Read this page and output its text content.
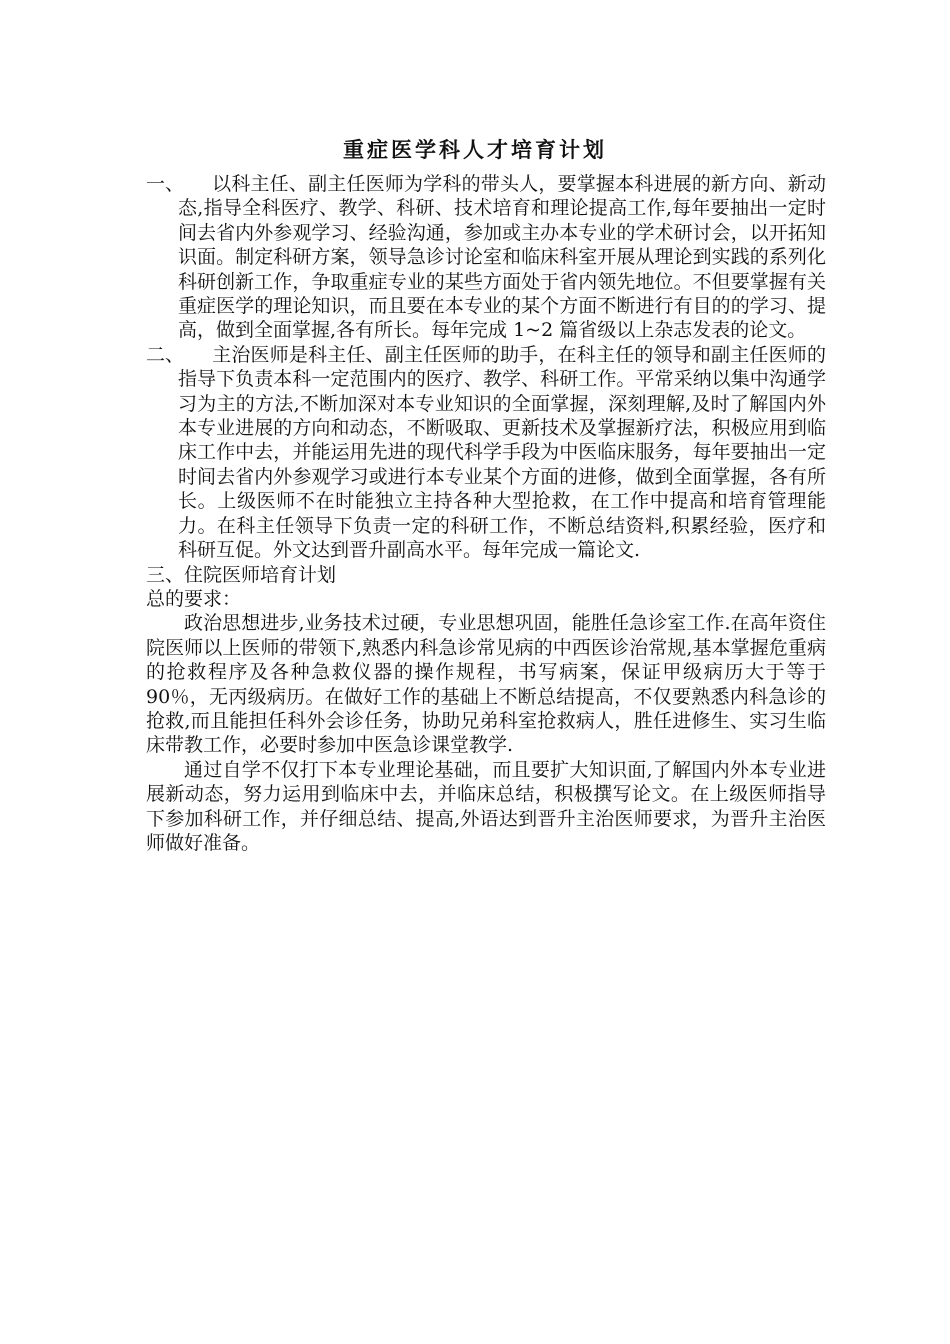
重症医学科人才培育计划

一、 以科主任、副主任医师为学科的带头人，要掌握本科进展的新方向、新动态,指导全科医疗、教学、科研、技术培育和理论提高工作,每年要抽出一定时间去省内外参观学习、经验沟通，参加或主办本专业的学术研讨会，以开拓知识面。制定科研方案，领导急诊讨论室和临床科室开展从理论到实践的系列化科研创新工作，争取重症专业的某些方面处于省内领先地位。不但要掌握有关重症医学的理论知识，而且要在本专业的某个方面不断进行有目的的学习、提高，做到全面掌握,各有所长。每年完成 1~2 篇省级以上杂志发表的论文。

二、 主治医师是科主任、副主任医师的助手，在科主任的领导和副主任医师的指导下负责本科一定范围内的医疗、教学、科研工作。平常采纳以集中沟通学习为主的方法,不断加深对本专业知识的全面掌握，深刻理解,及时了解国内外本专业进展的方向和动态，不断吸取、更新技术及掌握新疗法，积极应用到临床工作中去，并能运用先进的现代科学手段为中医临床服务，每年要抽出一定时间去省内外参观学习或进行本专业某个方面的进修，做到全面掌握，各有所长。上级医师不在时能独立主持各种大型抢救，在工作中提高和培育管理能力。在科主任领导下负责一定的科研工作，不断总结资料,积累经验，医疗和科研互促。外文达到晋升副高水平。每年完成一篇论文.

三、住院医师培育计划

总的要求：

政治思想进步,业务技术过硬，专业思想巩固，能胜任急诊室工作.在高年资住院医师以上医师的带领下,熟悉内科急诊常见病的中西医诊治常规,基本掌握危重病的抢救程序及各种急救仪器的操作规程，书写病案，保证甲级病历大于等于 90％，无丙级病历。在做好工作的基础上不断总结提高，不仅要熟悉内科急诊的抢救,而且能担任科外会诊任务，协助兄弟科室抢救病人，胜任进修生、实习生临床带教工作，必要时参加中医急诊课堂教学.

通过自学不仅打下本专业理论基础，而且要扩大知识面,了解国内外本专业进展新动态，努力运用到临床中去，并临床总结，积极撰写论文。在上级医师指导下参加科研工作，并仔细总结、提高,外语达到晋升主治医师要求，为晋升主治医师做好准备。
